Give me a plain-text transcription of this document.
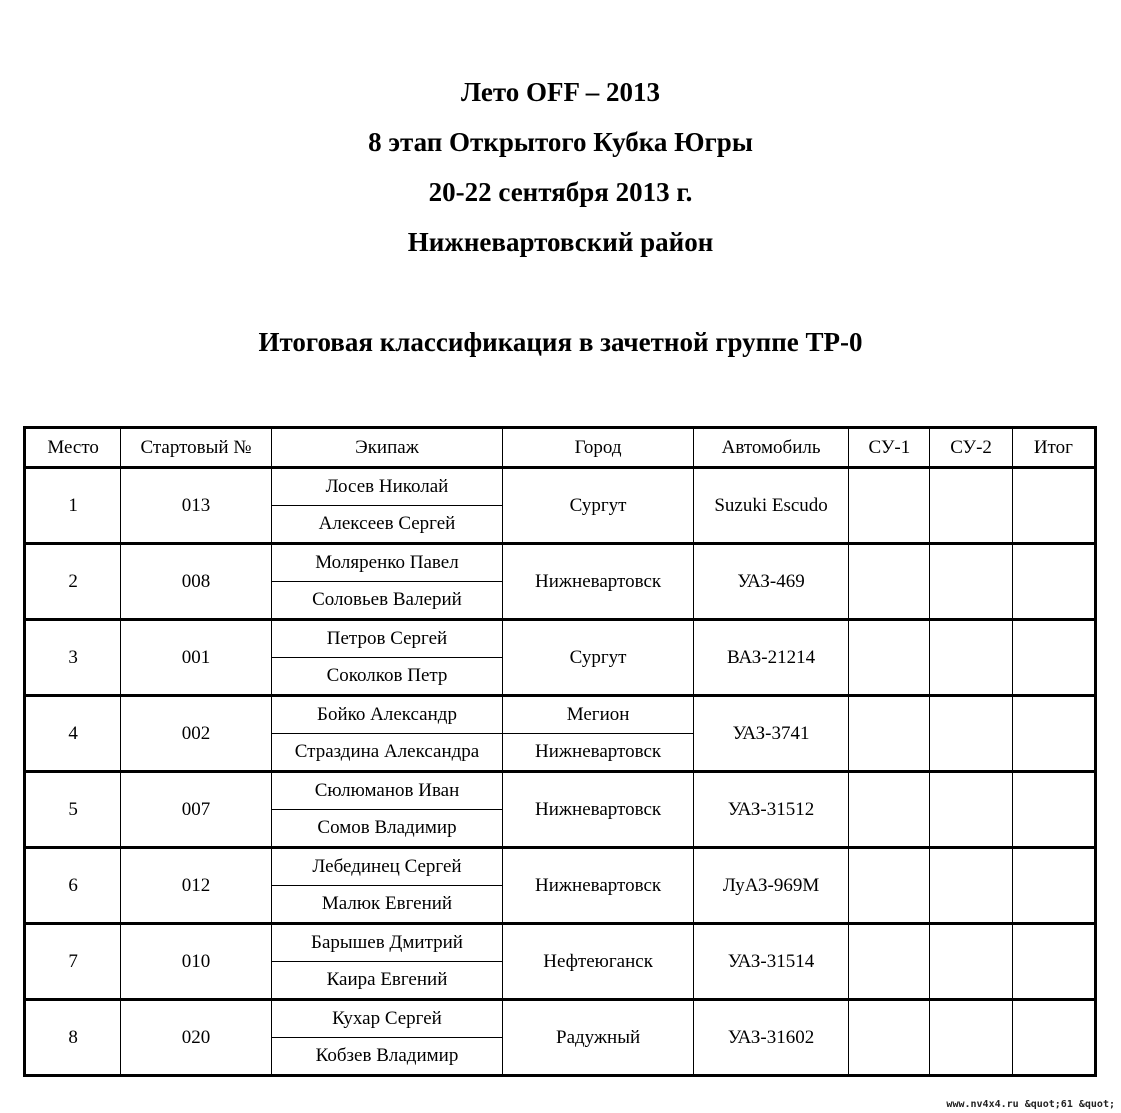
Лето OFF – 2013
8 этап Открытого Кубка Югры
20-22 сентября 2013 г.
Нижневартовский район
Итоговая классификация в зачетной группе ТР-0
Место	Стартовый №	Экипаж	Город	Автомобиль	СУ-1	СУ-2	Итог
1	013	Лосев Николай	Сургут	Suzuki Escudo			
		Алексеев Сергей					
2	008	Моляренко Павел	Нижневартовск	УАЗ-469			
		Соловьев Валерий					
3	001	Петров Сергей	Сургут	ВАЗ-21214			
		Соколков Петр					
4	002	Бойко Александр	Мегион	УАЗ-3741			
		Страздина Александра	Нижневартовск				
5	007	Сюлюманов Иван	Нижневартовск	УАЗ-31512			
		Сомов Владимир					
6	012	Лебединец Сергей	Нижневартовск	ЛуАЗ-969М			
		Малюк Евгений					
7	010	Барышев Дмитрий	Нефтеюганск	УАЗ-31514			
		Каира Евгений					
8	020	Кухар Сергей	Радужный	УАЗ-31602			
		Кобзев Владимир					
www.nv4x4.ru &quot;61 &quot;
